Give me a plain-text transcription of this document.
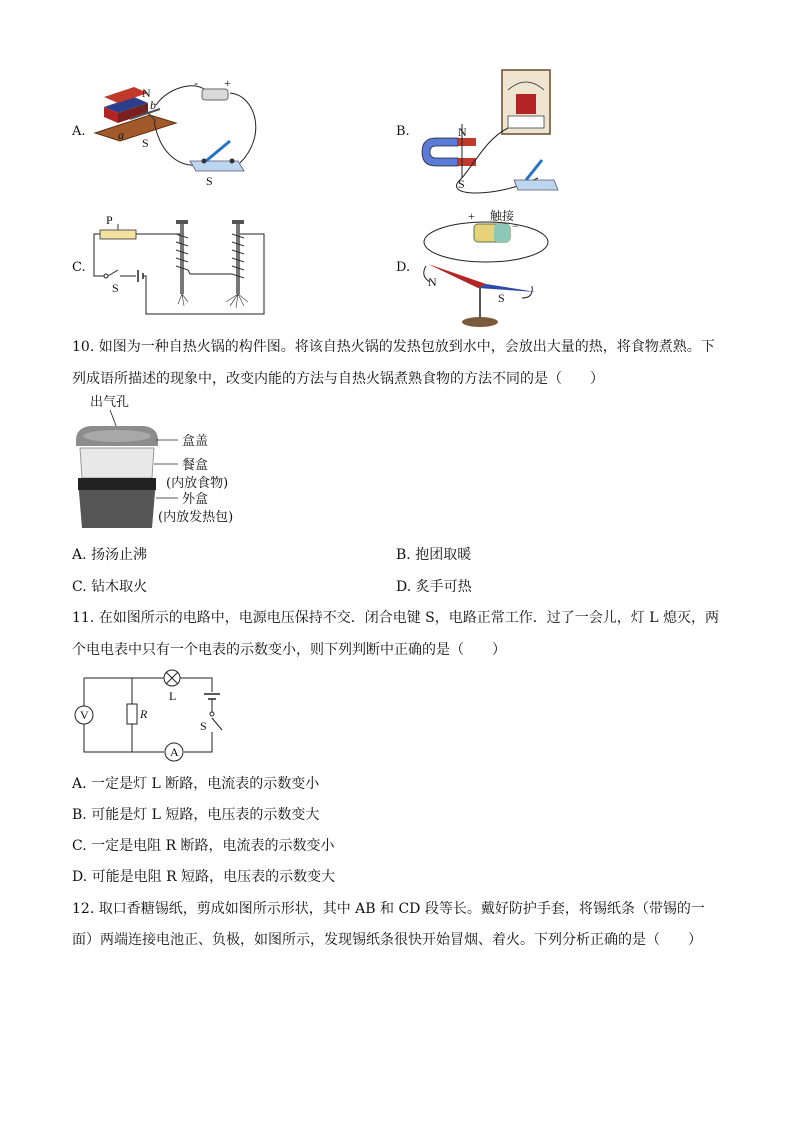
A.	B.
C.	D.
N
S
a
b
- +
S
N
S
P
S
+
−
触接
N
S
10. 如图为一种自热火锅的构件图。将该自热火锅的发热包放到水中，会放出大量的热，将食物煮熟。下
列成语所描述的现象中，改变内能的方法与自热火锅煮熟食物的方法不同的是（　　）
出气孔
盒盖
餐盒
(内放食物)
外盒
(内放发热包)
A. 扬汤止沸	B. 抱团取暖
C. 钻木取火	D. 炙手可热
11. 在如图所示的电路中，电源电压保持不交．闭合电键 S，电路正常工作．过了一会儿，灯 L 熄灭，两
个电电表中只有一个电表的示数变小，则下列判断中正确的是（　　）
V	R
L
S
A
A. 一定是灯 L 断路，电流表的示数变小
B. 可能是灯 L 短路，电压表的示数变大
C. 一定是电阻 R 断路，电流表的示数变小
D. 可能是电阻 R 短路，电压表的示数变大
12. 取口香糖锡纸，剪成如图所示形状，其中 AB 和 CD 段等长。戴好防护手套，将锡纸条（带锡的一
面）两端连接电池正、负极，如图所示，发现锡纸条很快开始冒烟、着火。下列分析正确的是（　　）
